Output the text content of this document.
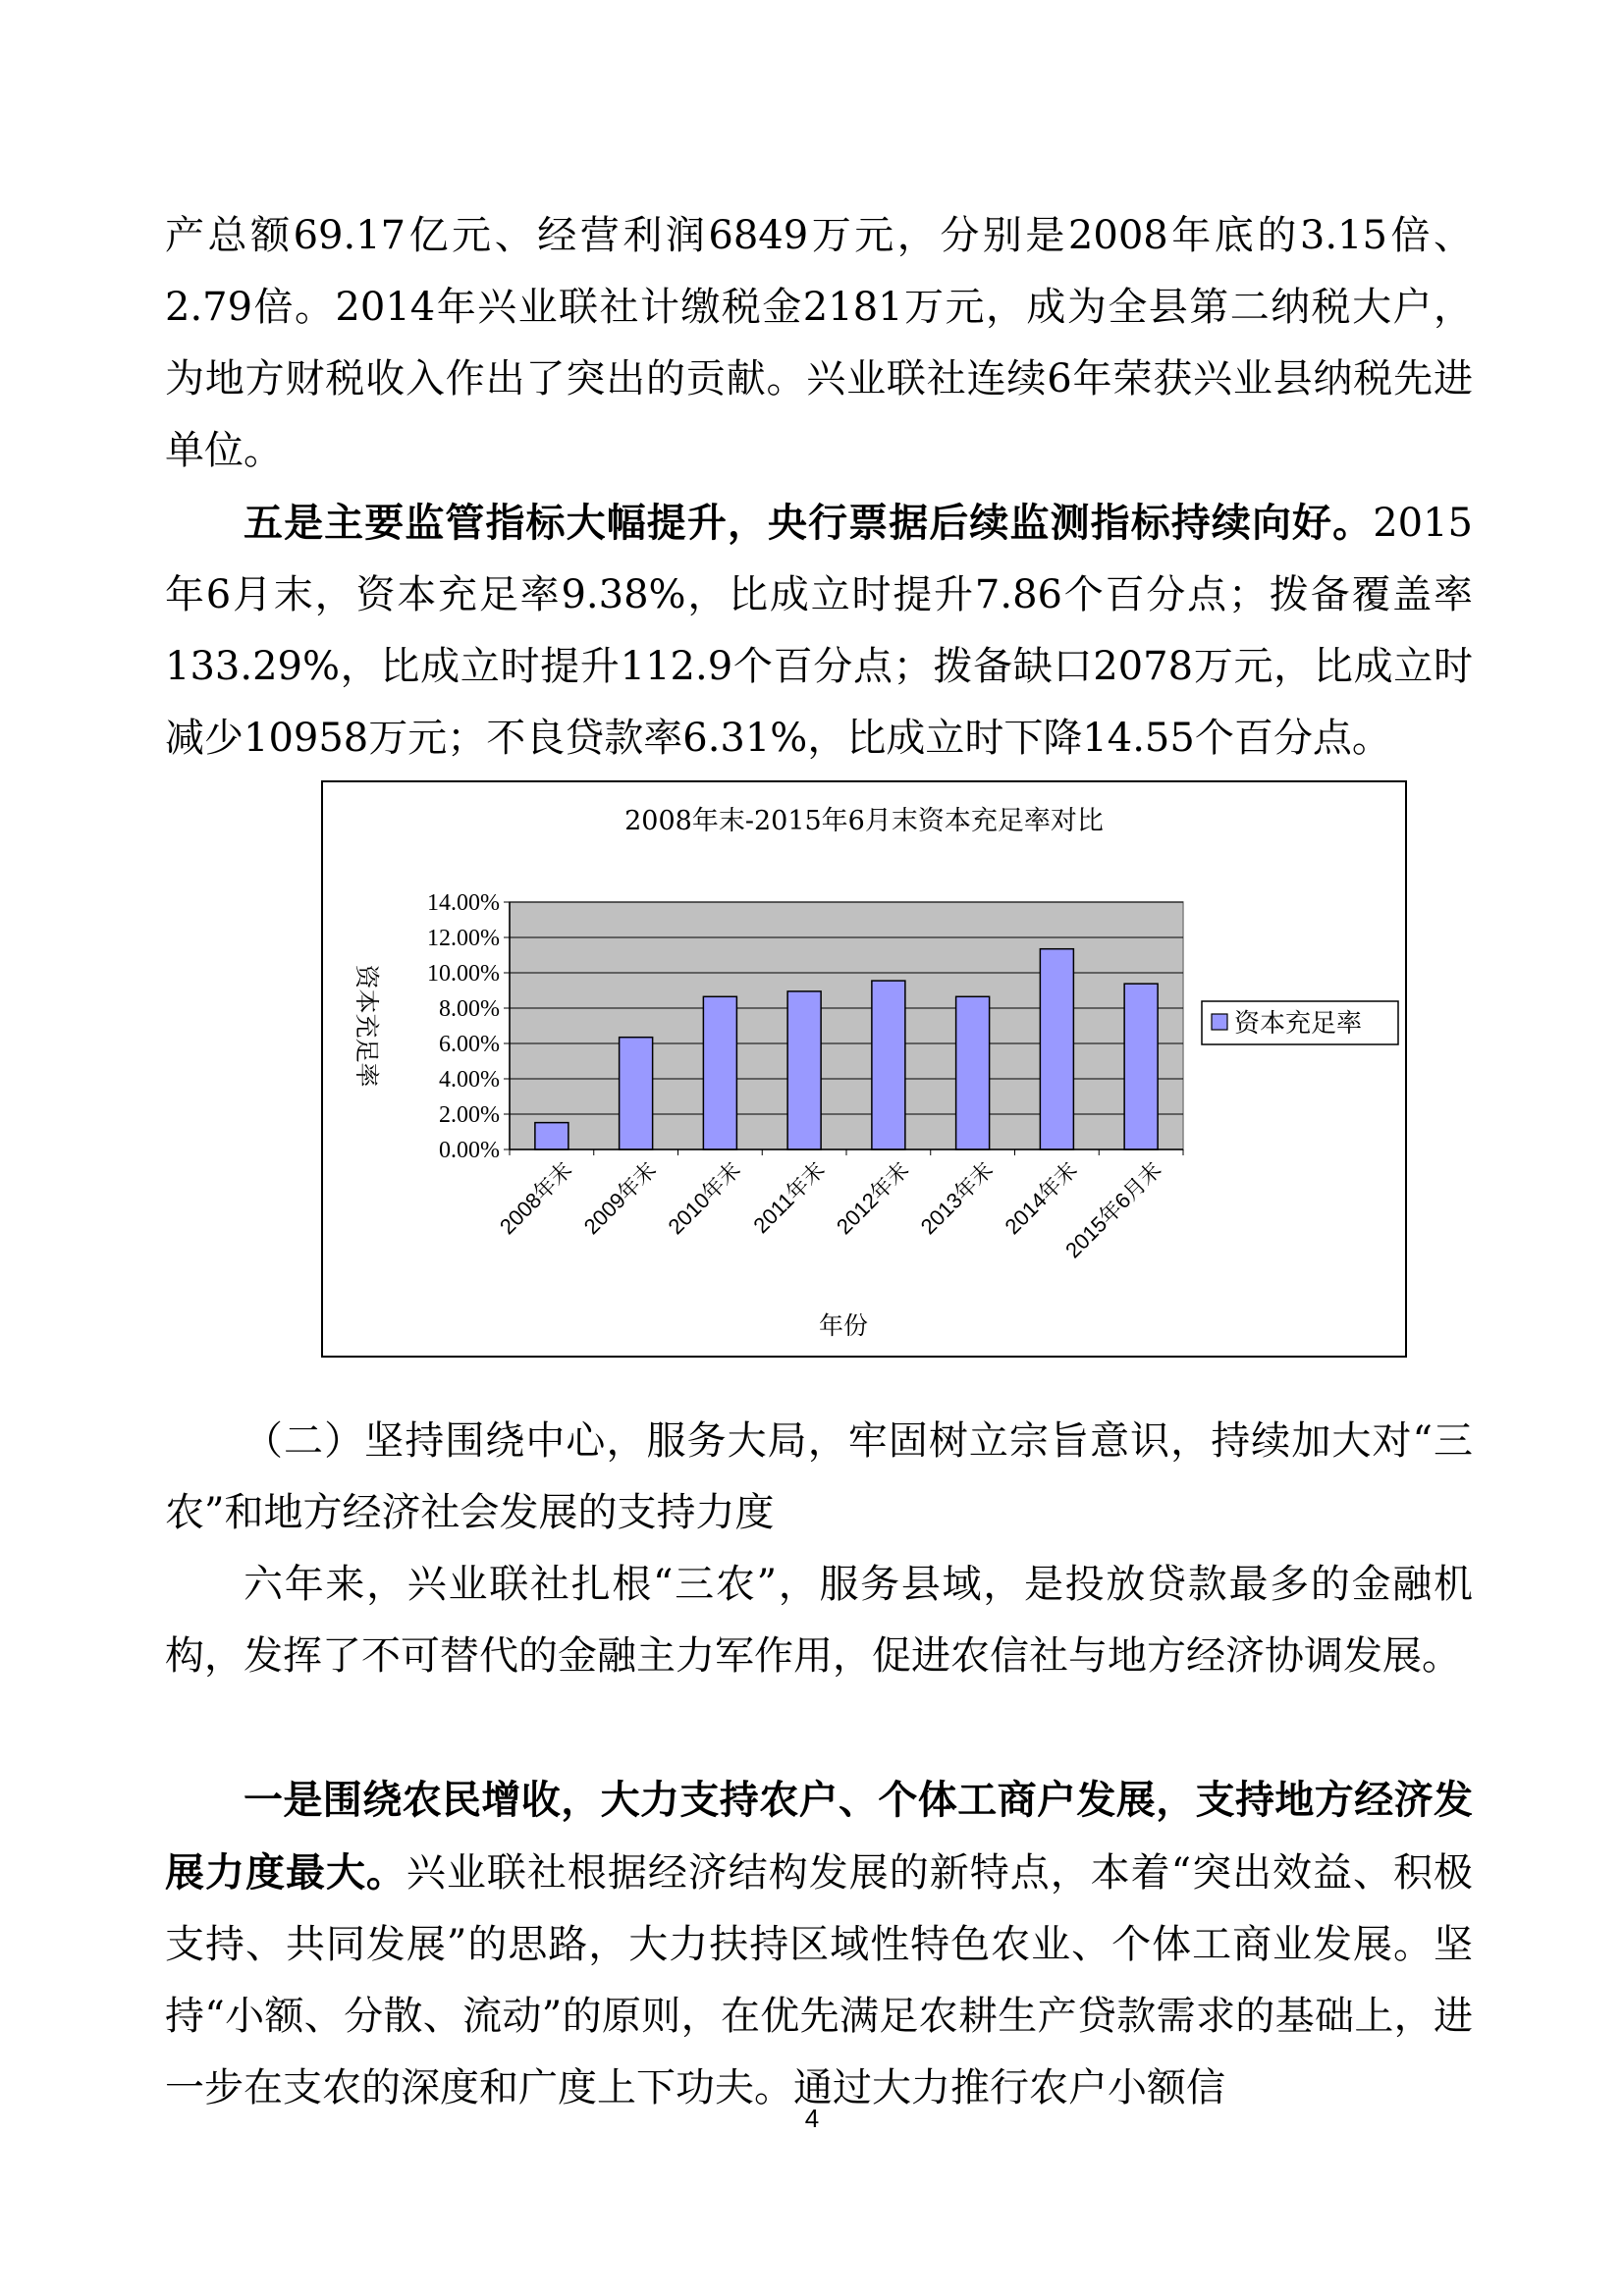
产总额69.17亿元、经营利润6849万元，分别是2008年底的3.15倍、2.79倍。2014年兴业联社计缴税金2181万元，成为全县第二纳税大户，为地方财税收入作出了突出的贡献。兴业联社连续6年荣获兴业县纳税先进单位。

五是主要监管指标大幅提升，央行票据后续监测指标持续向好。2015年6月末，资本充足率9.38%，比成立时提升7.86个百分点；拨备覆盖率133.29%，比成立时提升112.9个百分点；拨备缺口2078万元，比成立时减少10958万元；不良贷款率6.31%，比成立时下降14.55个百分点。

2008年末-2015年6月末资本充足率对比
0.00%
2.00%
4.00%
6.00%
8.00%
10.00%
12.00%
14.00%
2008年末 2009年末 2010年末 2011年末 2012年末 2013年末 2014年末
2015年6月末
资本充足率
年份
资本充足率

（二）坚持围绕中心，服务大局，牢固树立宗旨意识，持续加大对“三农”和地方经济社会发展的支持力度

六年来，兴业联社扎根“三农”，服务县域，是投放贷款最多的金融机构，发挥了不可替代的金融主力军作用，促进农信社与地方经济协调发展。

一是围绕农民增收，大力支持农户、个体工商户发展，支持地方经济发展力度最大。兴业联社根据经济结构发展的新特点，本着“突出效益、积极支持、共同发展”的思路，大力扶持区域性特色农业、个体工商业发展。坚持“小额、分散、流动”的原则，在优先满足农耕生产贷款需求的基础上，进一步在支农的深度和广度上下功夫。通过大力推行农户小额信

4
